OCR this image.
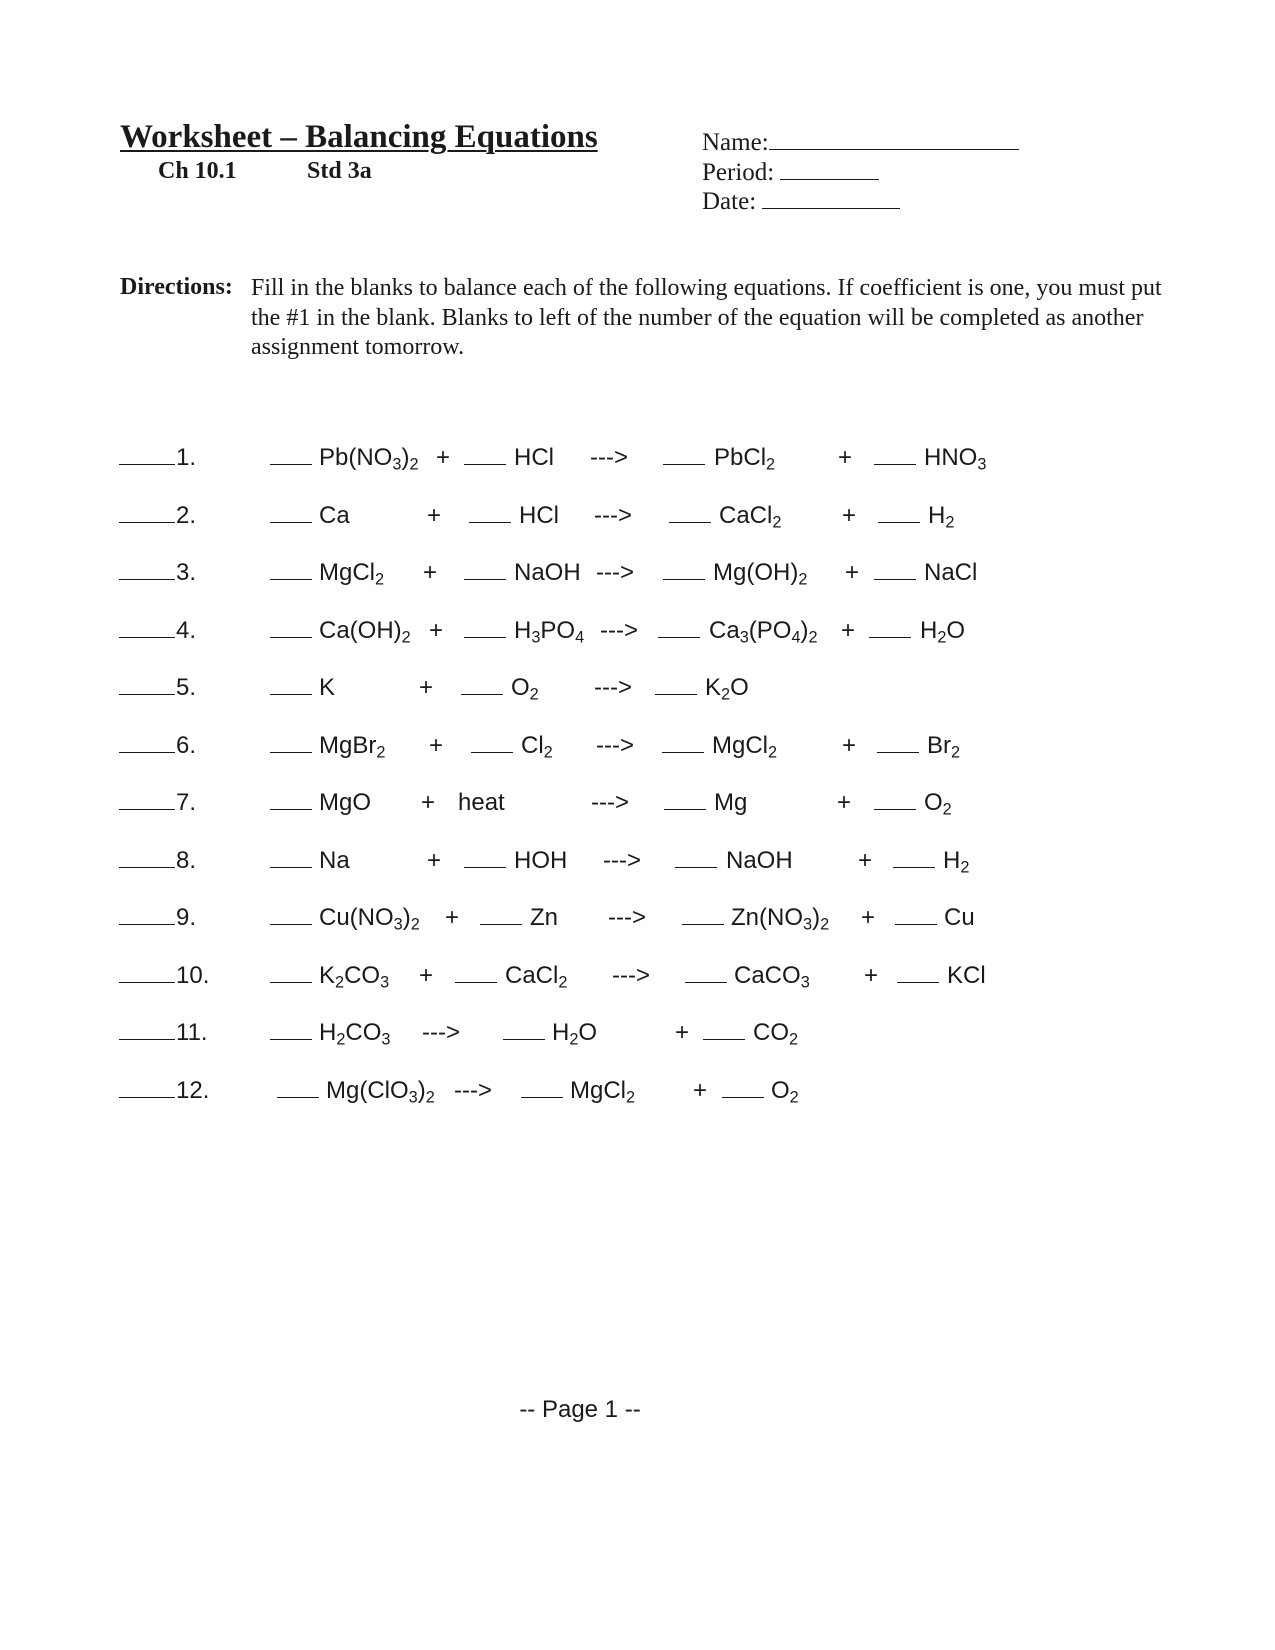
Worksheet – Balancing Equations
Ch 10.1	Std 3a
Name:
Period:
Date:
Directions: Fill in the blanks to balance each of the following equations. If coefficient is one, you must put the #1 in the blank. Blanks to left of the number of the equation will be completed as another assignment tomorrow.
1.	$Pb(NO_3)_2$ +	HCl --->	PbCl$_2$	+	$HNO_3$
2.	Ca	+	HCl --->	CaCl$_2$	+	$H_2$
3.	MgCl$_2$ +	NaOH --->	$Mg(OH)_2$ +	NaCl
4.	$Ca(OH)_2$ +	$H_3PO_4$ --->	$Ca_3(PO_4)_2$ +	$H_2O$
5.	K	+	$O_2$ --->	$K_2O$
6.	MgBr$_2$ +	$Cl_2$ --->	MgCl$_2$	+	$Br_2$
7.	MgO + heat	--->	Mg	+	$O_2$
8.	Na	+	HOH --->	NaOH	+	$H_2$
9.	$Cu(NO_3)_2$ +	Zn --->	$Zn(NO_3)_2$ +	Cu
10.	$K_2CO_3$ +	CaCl$_2$ --->	CaCO$_3$ +	KCl
11.	$H_2CO_3$ --->	$H_2O$	+	$CO_2$
12.	$Mg(ClO_3)_2$ --->	MgCl$_2$ +	$O_2$
-- Page 1 --
